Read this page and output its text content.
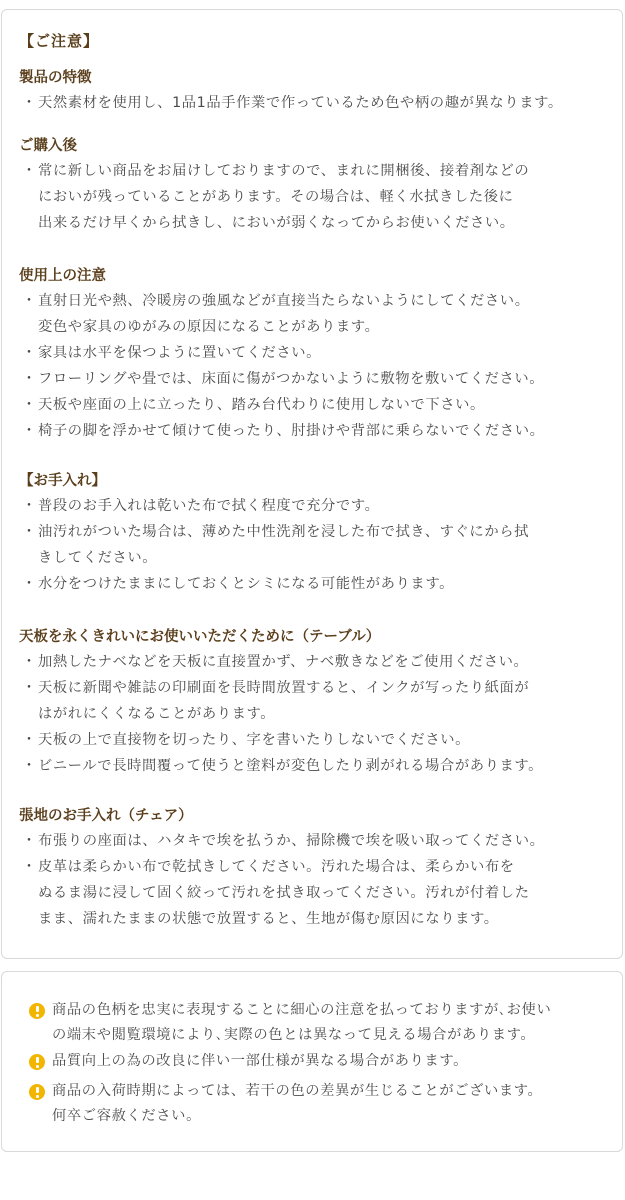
【ご注意】
製品の特徴
・ 天然素材を使用し、1品1品手作業で作っているため色や柄の趣が異なります。
ご購入後
・ 常に新しい商品をお届けしておりますので、まれに開梱後、接着剤などの
においが残っていることがあります。その場合は、軽く水拭きした後に
出来るだけ早くから拭きし、においが弱くなってからお使いください。
使用上の注意
・ 直射日光や熱、冷暖房の強風などが直接当たらないようにしてください。
変色や家具のゆがみの原因になることがあります。
・ 家具は水平を保つように置いてください。
・ フローリングや畳では、床面に傷がつかないように敷物を敷いてください。
・ 天板や座面の上に立ったり、踏み台代わりに使用しないで下さい。
・ 椅子の脚を浮かせて傾けて使ったり、肘掛けや背部に乗らないでください。
【お手入れ】
・ 普段のお手入れは乾いた布で拭く程度で充分です。
・ 油汚れがついた場合は、薄めた中性洗剤を浸した布で拭き、すぐにから拭
きしてください。
・ 水分をつけたままにしておくとシミになる可能性があります。
天板を永くきれいにお使いいただくために（テーブル）
・ 加熱したナベなどを天板に直接置かず、ナベ敷きなどをご使用ください。
・ 天板に新聞や雑誌の印刷面を長時間放置すると、インクが写ったり紙面が
はがれにくくなることがあります。
・ 天板の上で直接物を切ったり、字を書いたりしないでください。
・ ビニールで長時間覆って使うと塗料が変色したり剥がれる場合があります。
張地のお手入れ（チェア）
・ 布張りの座面は、ハタキで埃を払うか、掃除機で埃を吸い取ってください。
・ 皮革は柔らかい布で乾拭きしてください。汚れた場合は、柔らかい布を
ぬるま湯に浸して固く絞って汚れを拭き取ってください。汚れが付着した
まま、濡れたままの状態で放置すると、生地が傷む原因になります。
商品の色柄を忠実に表現することに細心の注意を払っておりますが､お使い
の端末や閲覧環境により､実際の色とは異なって見える場合があります。
品質向上の為の改良に伴い一部仕様が異なる場合があります。
商品の入荷時期によっては、若干の色の差異が生じることがございます。
何卒ご容赦ください。
